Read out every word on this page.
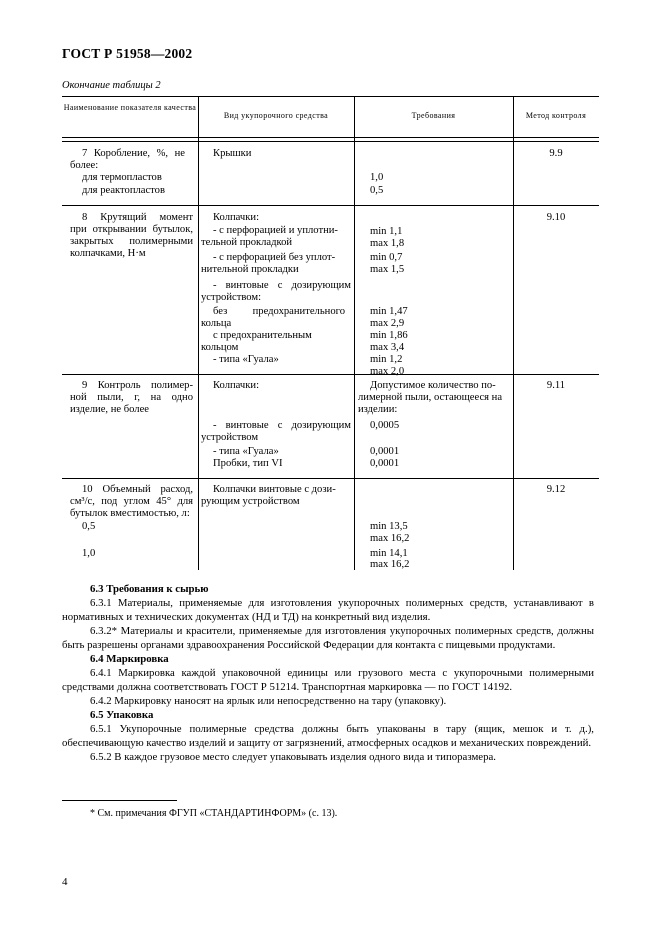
ГОСТ Р 51958—2002
Окончание таблицы 2
Наименование показателя качества
Вид укупорочного средства	Требования	Метод контроля
7 Коробление, %, не
более:
для термопластов
для реактопластов
Крышки
1,0
0,5
9.9
8 Крутящий момент
при открывании бутылок,
закрытых полимерными
колпачками, Н·м
Колпачки:
- с перфорацией и уплотни-
тельной прокладкой
- с перфорацией без уплот-
нительной прокладки
- винтовые с дозирующим
устройством:
без предохранительного
кольца
с предохранительным
кольцом
- типа «Гуала»
min 1,1
max 1,8
min 0,7
max 1,5
min 1,47
max 2,9
min 1,86
max 3,4
min 1,2
max 2,0
9.10
9 Контроль полимер-
ной пыли, г, на одно
изделие, не более
Колпачки:
- винтовые с дозирующим
устройством
- типа «Гуала»
Пробки, тип VI
Допустимое количество по-
лимерной пыли, остающееся на
изделии:
0,0005
0,0001
0,0001
9.11
10 Объемный расход,
см³/с, под углом 45° для
бутылок вместимостью, л:
0,5
1,0
Колпачки винтовые с дози-
рующим устройством
min 13,5
max 16,2
min 14,1
max 16,2
9.12

6.3 Требования к сырью

6.3.1 Материалы, применяемые для изготовления укупорочных полимерных средств, устанавливают в нормативных и технических документах (НД и ТД) на конкретный вид изделия.

6.3.2* Материалы и красители, применяемые для изготовления укупорочных полимерных средств, должны быть разрешены органами здравоохранения Российской Федерации для контакта с пищевыми продуктами.

6.4 Маркировка

6.4.1 Маркировка каждой упаковочной единицы или грузового места с укупорочными полимерными средствами должна соответствовать ГОСТ Р 51214. Транспортная маркировка — по ГОСТ 14192.

6.4.2 Маркировку наносят на ярлык или непосредственно на тару (упаковку).

6.5 Упаковка

6.5.1 Укупорочные полимерные средства должны быть упакованы в тару (ящик, мешок и т. д.), обеспечивающую качество изделий и защиту от загрязнений, атмосферных осадков и механических повреждений.

6.5.2 В каждое грузовое место следует упаковывать изделия одного вида и типоразмера.

* См. примечания ФГУП «СТАНДАРТИНФОРМ» (с. 13).
4
